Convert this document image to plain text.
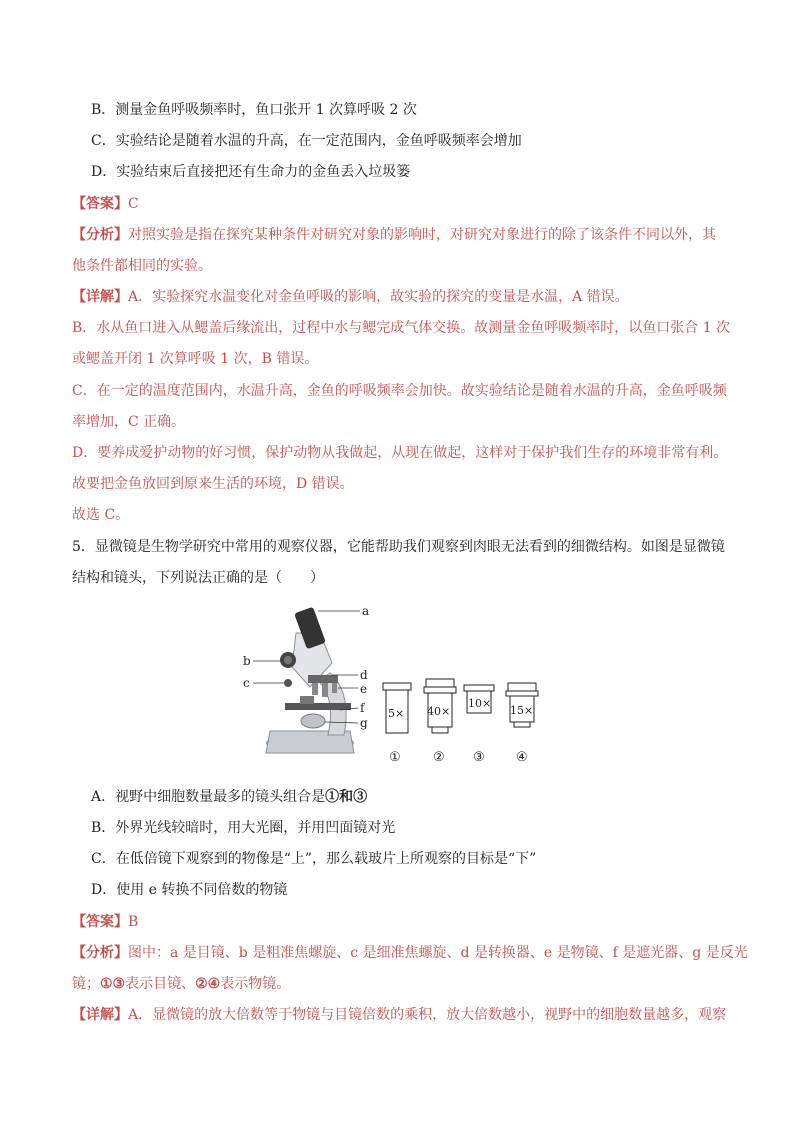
B．测量金鱼呼吸频率时，鱼口张开 1 次算呼吸 2 次
C．实验结论是随着水温的升高，在一定范围内，金鱼呼吸频率会增加
D．实验结束后直接把还有生命力的金鱼丢入垃圾篓
【答案】C
【分析】对照实验是指在探究某种条件对研究对象的影响时，对研究对象进行的除了该条件不同以外，其
他条件都相同的实验。
【详解】A．实验探究水温变化对金鱼呼吸的影响，故实验的探究的变量是水温，A 错误。
B．水从鱼口进入从鳃盖后缘流出，过程中水与鳃完成气体交换。故测量金鱼呼吸频率时，以鱼口张合 1 次
或鳃盖开闭 1 次算呼吸 1 次，B 错误。
C．在一定的温度范围内，水温升高，金鱼的呼吸频率会加快。故实验结论是随着水温的升高，金鱼呼吸频
率增加，C 正确。
D．要养成爱护动物的好习惯，保护动物从我做起，从现在做起，这样对于保护我们生存的环境非常有利。
故要把金鱼放回到原来生活的环境，D 错误。
故选 C。
5．显微镜是生物学研究中常用的观察仪器，它能帮助我们观察到肉眼无法看到的细微结构。如图是显微镜
结构和镜头，下列说法正确的是（　　）
a
b
c
d
e
f
g
5× 40×
10×
15×
① ② ③ ④
A．视野中细胞数量最多的镜头组合是①和③
B．外界光线较暗时，用大光圈，并用凹面镜对光
C．在低倍镜下观察到的物像是“上”，那么载玻片上所观察的目标是“下”
D．使用 e 转换不同倍数的物镜
【答案】B
【分析】图中：a 是目镜、b 是粗准焦螺旋、c 是细准焦螺旋、d 是转换器、e 是物镜、f 是遮光器、g 是反光
镜；①③表示目镜、②④表示物镜。
【详解】A．显微镜的放大倍数等于物镜与目镜倍数的乘积，放大倍数越小，视野中的细胞数量越多，观察
